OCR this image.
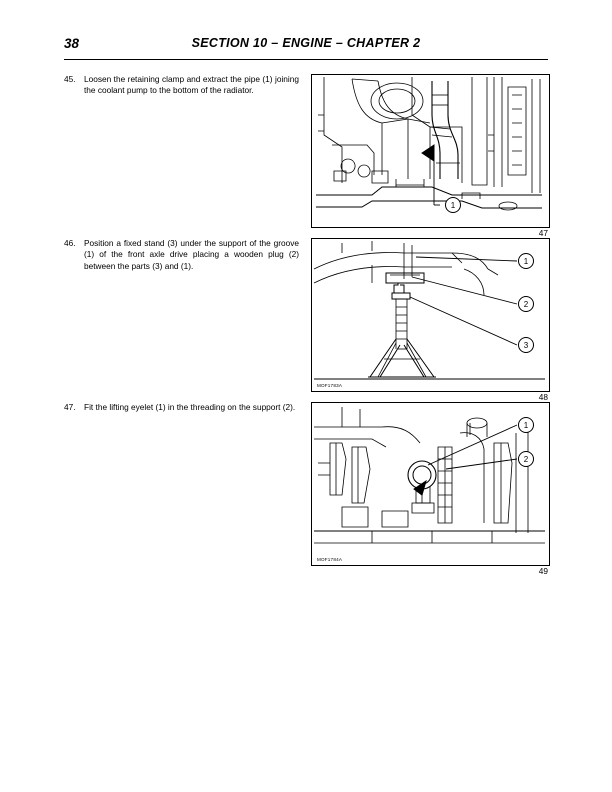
38	SECTION 10 – ENGINE – CHAPTER 2
45.	Loosen the retaining clamp and extract the pipe (1) joining the coolant pump to the bottom of the radiator.
1
47
46.	Position a fixed stand (3) under the support of the groove (1) of the front axle drive placing a wooden plug (2) between the parts (3) and (1).	1
2
3
MOF1783A
48
47.	Fit the lifting eyelet (1) in the threading on the support (2).
1
2
MOF1784A
49
